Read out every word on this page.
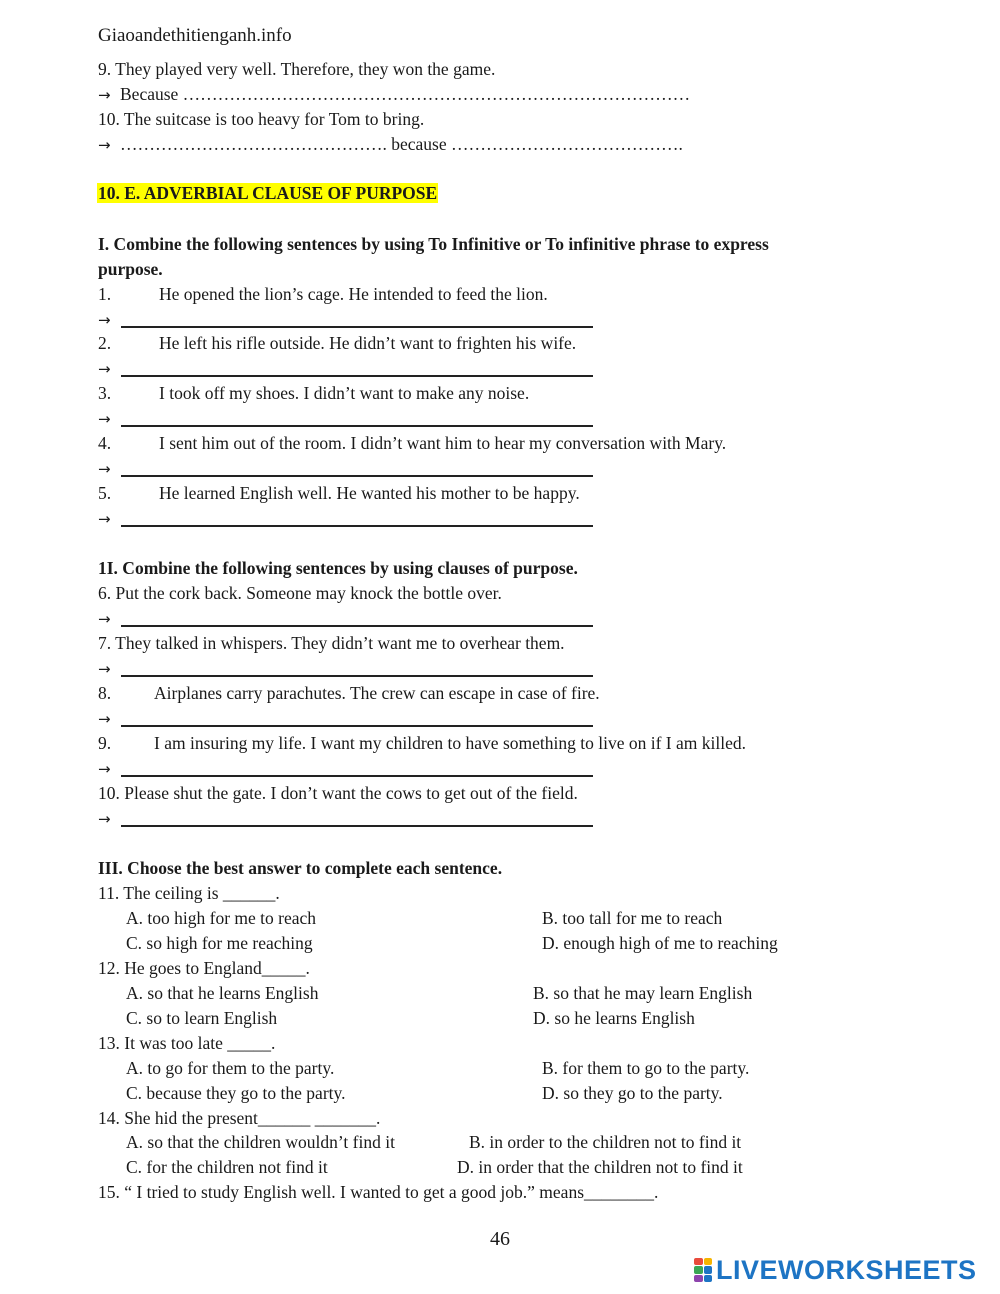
Giaoandethitienganh.info
9. They played very well. Therefore, they won the game.
→ Because ……………………………………………………………………………
10. The suitcase is too heavy for Tom to bring.
→ ………………………………………. because ………………………………….
10. E. ADVERBIAL CLAUSE OF PURPOSE
I. Combine the following sentences by using To Infinitive or To infinitive phrase to express
purpose.
1.	He opened the lion’s cage. He intended to feed the lion.
→
2.	He left his rifle outside. He didn’t want to frighten his wife.
→
3.	I took off my shoes. I didn’t want to make any noise.
→
4.	I sent him out of the room. I didn’t want him to hear my conversation with Mary.
→
5.	He learned English well. He wanted his mother to be happy.
→
1I. Combine the following sentences by using clauses of purpose.
6. Put the cork back. Someone may knock the bottle over.
→
7. They talked in whispers. They didn’t want me to overhear them.
→
8. Airplanes carry parachutes. The crew can escape in case of fire.
→
9. I am insuring my life. I want my children to have something to live on if I am killed.
→
10. Please shut the gate. I don’t want the cows to get out of the field.
→
III. Choose the best answer to complete each sentence.
11. The ceiling is ______.
A. too high for me to reach	B. too tall for me to reach
C. so high for me reaching	D. enough high of me to reaching
12. He goes to England_____.
A. so that he learns English	B. so that he may learn English
C. so to learn English	D. so he learns English
13. It was too late _____.
A. to go for them to the party.	B. for them to go to the party.
C. because they go to the party.	D. so they go to the party.
14. She hid the present______ _______.
A. so that the children wouldn’t find it	B. in order to the children not to find it
C. for the children not find it	D. in order that the children not to find it
15. “ I tried to study English well. I wanted to get a good job.” means________.
46
LIVEWORKSHEETS
